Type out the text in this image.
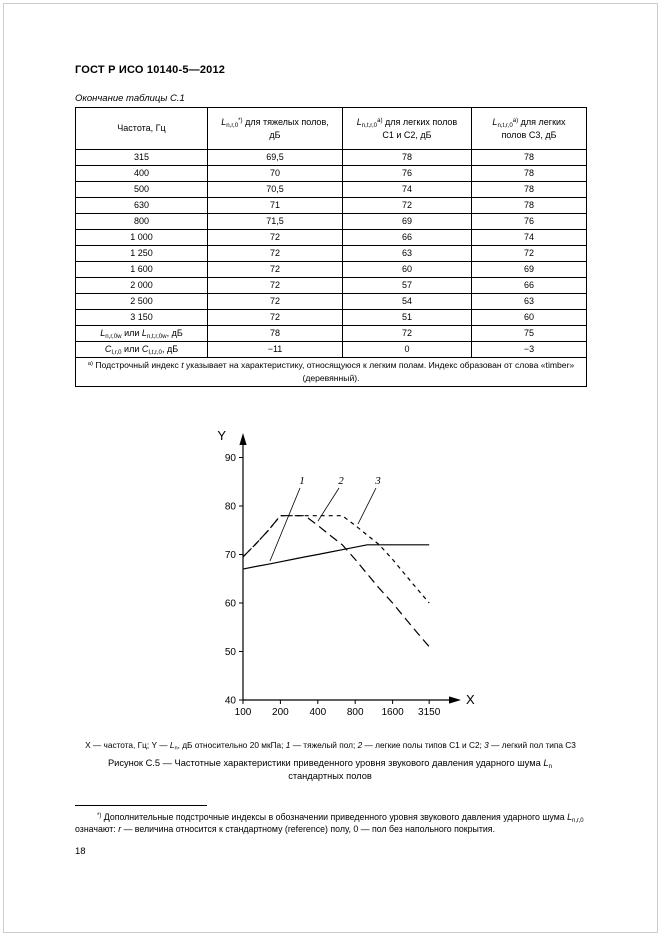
ГОСТ Р ИСО 10140-5—2012
Окончание таблицы С.1
Частота, Гц	$L_{n,r,0}^{*)}$ для тяжелых полов, дБ	$L_{n,t,r,0}^{а)}$ для легких полов С1 и С2, дБ	$L_{n,t,r,0}^{а)}$ для легких полов С3, дБ
315	69,5	78	78
400	70	76	78
500	70,5	74	78
630	71	72	78
800	71,5	69	76
1 000	72	66	74
1 250	72	63	72
1 600	72	60	69
2 000	72	57	66
2 500	72	54	63
3 150	72	51	60
$L_{n,r,0w}$ или $L_{n,t,r,0w}$, дБ	78	72	75
$C_{I,r,0}$ или $C_{I,t,r,0}$, дБ	−11	0	−3
$^{а)}$ Подстрочный индекс t указывает на характеристику, относящуюся к легким полам. Индекс образован от слова «timber» (деревянный).			
40
50
60
70
80
90
100 200 400 800 1600 3150
Y
X
1	2	3
X — частота, Гц; Y — $L_n$, дБ относительно 20 мкПа; 1 — тяжелый пол; 2 — легкие полы типов С1 и С2; 3 — легкий пол типа С3
Рисунок С.5 — Частотные характеристики приведенного уровня звукового давления ударного шума $L_n$ стандартных полов
*) Дополнительные подстрочные индексы в обозначении приведенного уровня звукового давления ударного шума $L_{n,r,0}$ означают: r — величина относится к стандартному (reference) полу, 0 — пол без напольного покрытия.
18
